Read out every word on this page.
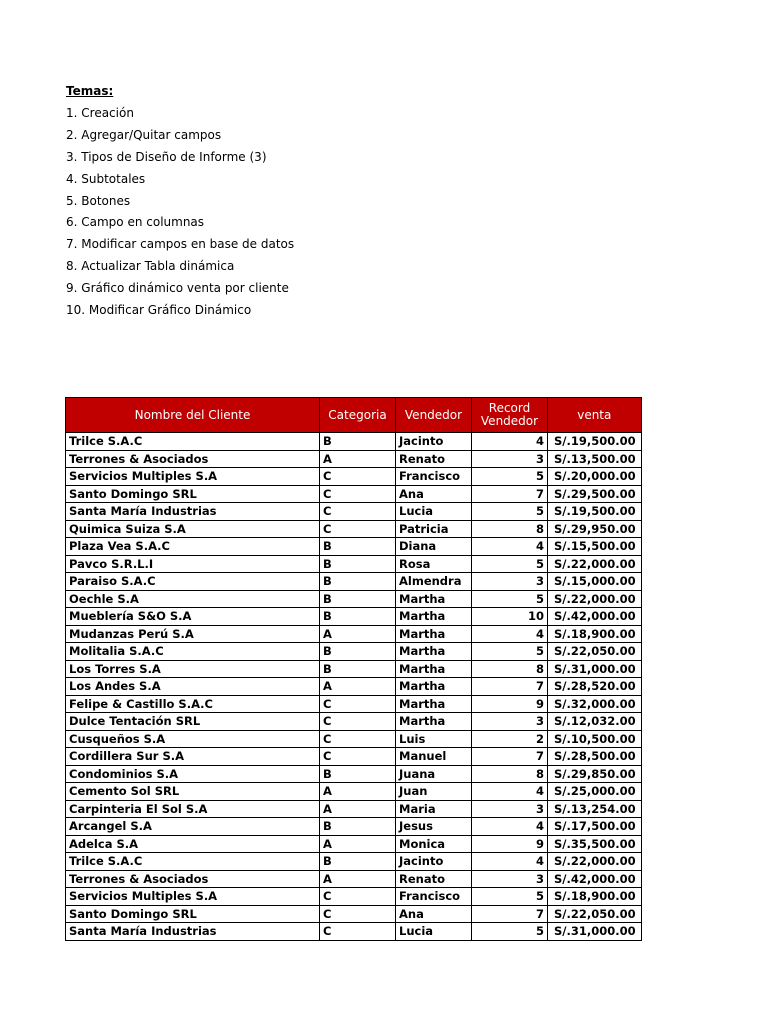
Temas:
1. Creación
2. Agregar/Quitar campos
3. Tipos de Diseño de Informe (3)
4. Subtotales
5. Botones
6. Campo en columnas
7. Modificar campos en base de datos
8. Actualizar Tabla dinámica
9. Gráfico dinámico venta por cliente
10. Modificar Gráfico Dinámico
Nombre del Cliente	Categoria	Vendedor	Record Vendedor	venta
Trilce S.A.C	B	Jacinto	4	S/. 19,500.00

Terrones & Asociados	A	Renato	3	S/. 13,500.00

Servicios Multiples S.A	C	Francisco	5	S/. 20,000.00

Santo Domingo SRL	C	Ana	7	S/. 29,500.00

Santa María Industrias	C	Lucia	5	S/. 19,500.00

Quimica Suiza S.A	C	Patricia	8	S/. 29,950.00

Plaza Vea S.A.C	B	Diana	4	S/. 15,500.00

Pavco S.R.L.I	B	Rosa	5	S/. 22,000.00

Paraiso S.A.C	B	Almendra	3	S/. 15,000.00

Oechle S.A	B	Martha	5	S/. 22,000.00

Mueblería S&O S.A	B	Martha	10	S/. 42,000.00

Mudanzas Perú S.A	A	Martha	4	S/. 18,900.00

Molitalia S.A.C	B	Martha	5	S/. 22,050.00

Los Torres S.A	B	Martha	8	S/. 31,000.00

Los Andes S.A	A	Martha	7	S/. 28,520.00

Felipe & Castillo S.A.C	C	Martha	9	S/. 32,000.00

Dulce Tentación SRL	C	Martha	3	S/. 12,032.00

Cusqueños S.A	C	Luis	2	S/. 10,500.00

Cordillera Sur S.A	C	Manuel	7	S/. 28,500.00

Condominios S.A	B	Juana	8	S/. 29,850.00

Cemento Sol SRL	A	Juan	4	S/. 25,000.00

Carpinteria El Sol S.A	A	Maria	3	S/. 13,254.00

Arcangel S.A	B	Jesus	4	S/. 17,500.00

Adelca S.A	A	Monica	9	S/. 35,500.00

Trilce S.A.C	B	Jacinto	4	S/. 22,000.00

Terrones & Asociados	A	Renato	3	S/. 42,000.00

Servicios Multiples S.A	C	Francisco	5	S/. 18,900.00

Santo Domingo SRL	C	Ana	7	S/. 22,050.00

Santa María Industrias	C	Lucia	5	S/. 31,000.00
